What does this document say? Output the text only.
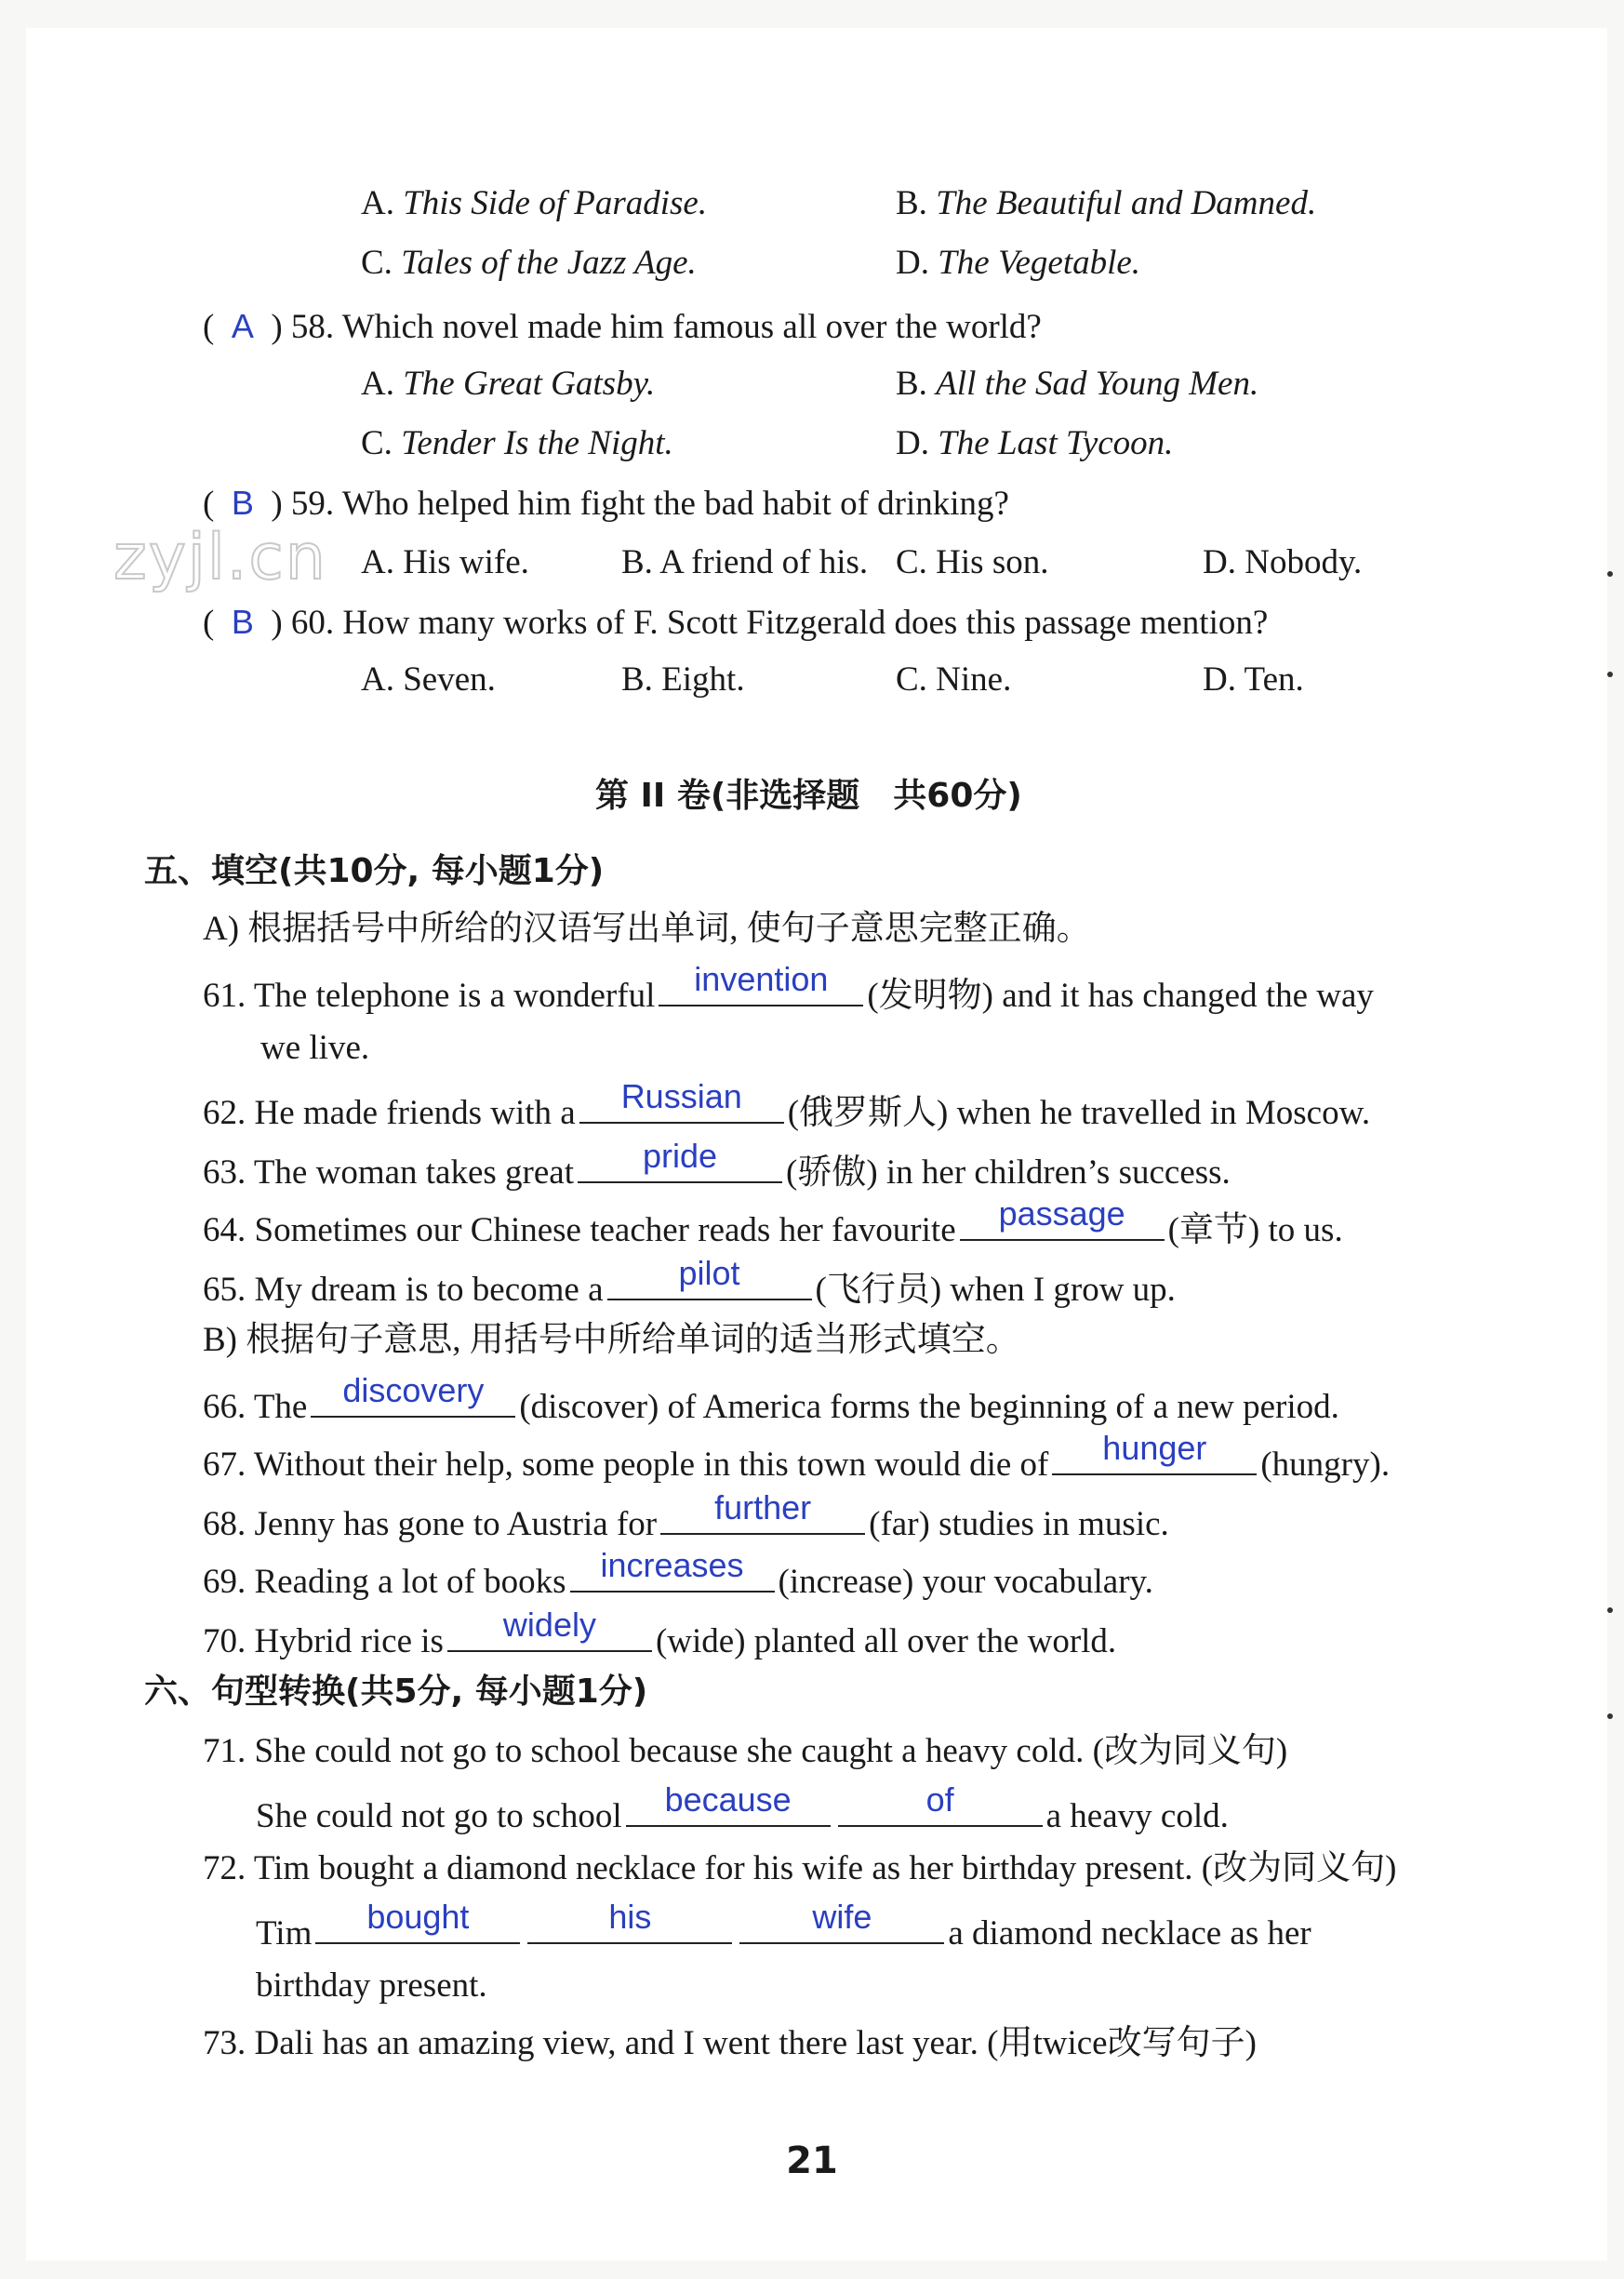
A. This Side of Paradise.	B. The Beautiful and Damned.
C. Tales of the Jazz Age.	D. The Vegetable.
(  A ) 58. Which novel made him famous all over the world?
A. The Great Gatsby.	B. All the Sad Young Men.
C. Tender Is the Night.	D. The Last Tycoon.
zyjl.cn
(  B ) 59. Who helped him fight the bad habit of drinking?
A. His wife.	B. A friend of his. C. His son.	D. Nobody.
(  B ) 60. How many works of F. Scott Fitzgerald does this passage mention?
A. Seven.	B. Eight.	C. Nine.	D. Ten.
第 II 卷(非选择题　共60分)
五、填空(共10分, 每小题1分)
A) 根据括号中所给的汉语写出单词, 使句子意思完整正确。
61. The telephone is a wonderful	invention	(发明物) and it has changed the way
we live.
62. He made friends with a	Russian	(俄罗斯人) when he travelled in Moscow.
63. The woman takes great	pride	(骄傲) in her children’s success.
64. Sometimes our Chinese teacher reads her favourite	passage	(章节) to us.
65. My dream is to become a	pilot	(飞行员) when I grow up.
B) 根据句子意思, 用括号中所给单词的适当形式填空。
66. The	discovery	(discover) of America forms the beginning of a new period.
67. Without their help, some people in this town would die of	hunger	(hungry).
68. Jenny has gone to Austria for	further	(far) studies in music.
69. Reading a lot of books	increases (increase) your vocabulary.
70. Hybrid rice is	widely	(wide) planted all over the world.
六、句型转换(共5分, 每小题1分)
71. She could not go to school because she caught a heavy cold. (改为同义句)
She could not go to school	because	of	a heavy cold.
72. Tim bought a diamond necklace for his wife as her birthday present. (改为同义句)
Tim	bought	his	wife	a diamond necklace as her
birthday present.
73. Dali has an amazing view, and I went there last year. (用twice改写句子)
21
